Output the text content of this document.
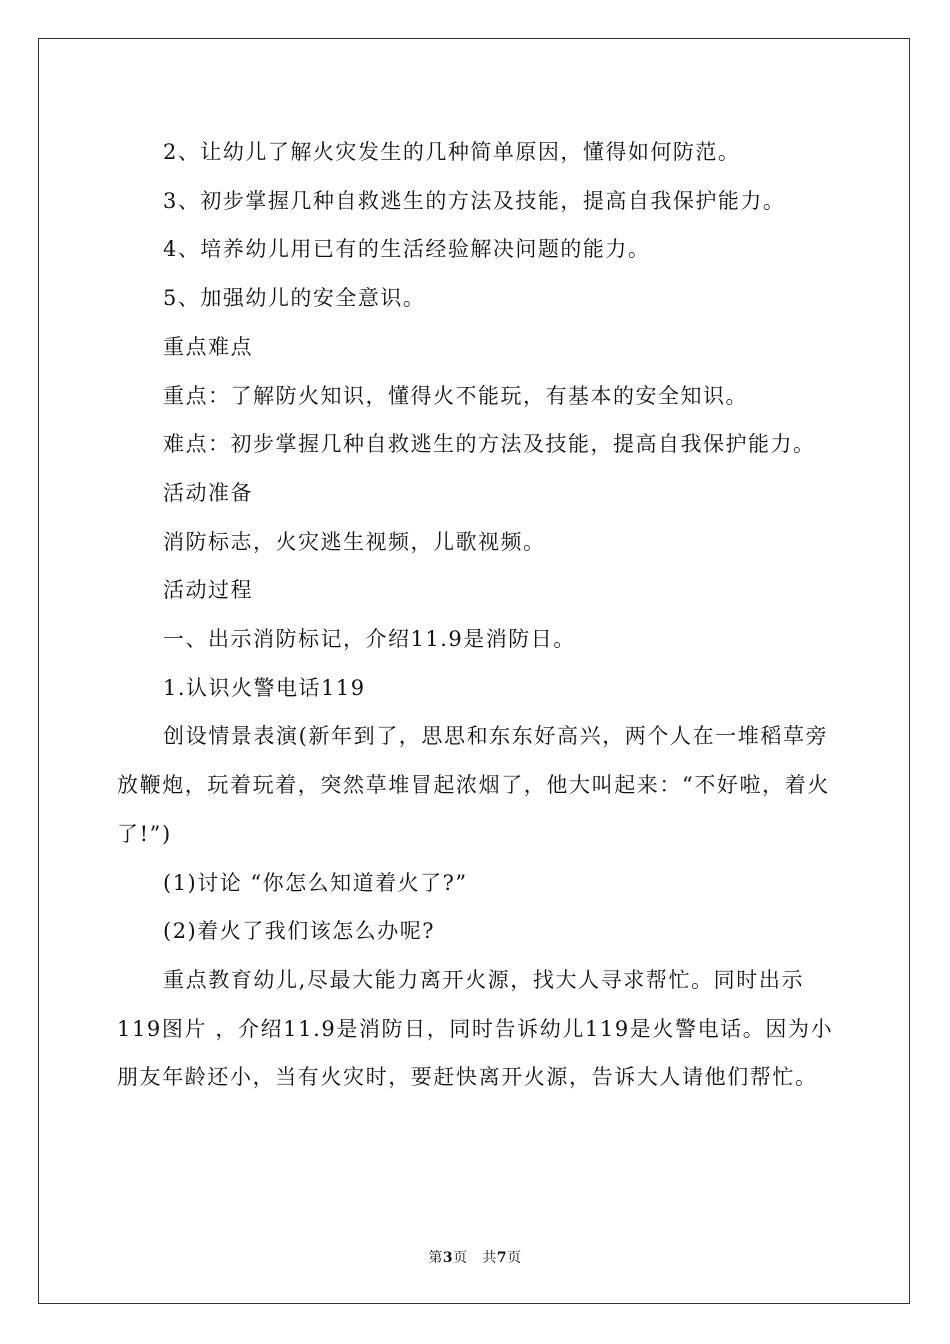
2、让幼儿了解火灾发生的几种简单原因，懂得如何防范。

3、初步掌握几种自救逃生的方法及技能，提高自我保护能力。

4、培养幼儿用已有的生活经验解决问题的能力。

5、加强幼儿的安全意识。

重点难点

重点：了解防火知识，懂得火不能玩，有基本的安全知识。

难点：初步掌握几种自救逃生的方法及技能，提高自我保护能力。

活动准备

消防标志，火灾逃生视频，儿歌视频。

活动过程

一、出示消防标记，介绍11.9是消防日。

1.认识火警电话119

创设情景表演(新年到了，思思和东东好高兴，两个人在一堆稻草旁放鞭炮，玩着玩着，突然草堆冒起浓烟了，他大叫起来：“不好啦，着火了!”)

(1)讨论 “你怎么知道着火了?”

(2)着火了我们该怎么办呢?

重点教育幼儿,尽最大能力离开火源，找大人寻求帮忙。同时出示119图片 ，介绍11.9是消防日，同时告诉幼儿119是火警电话。因为小朋友年龄还小，当有火灾时，要赶快离开火源，告诉大人请他们帮忙。

第3页 共7页
